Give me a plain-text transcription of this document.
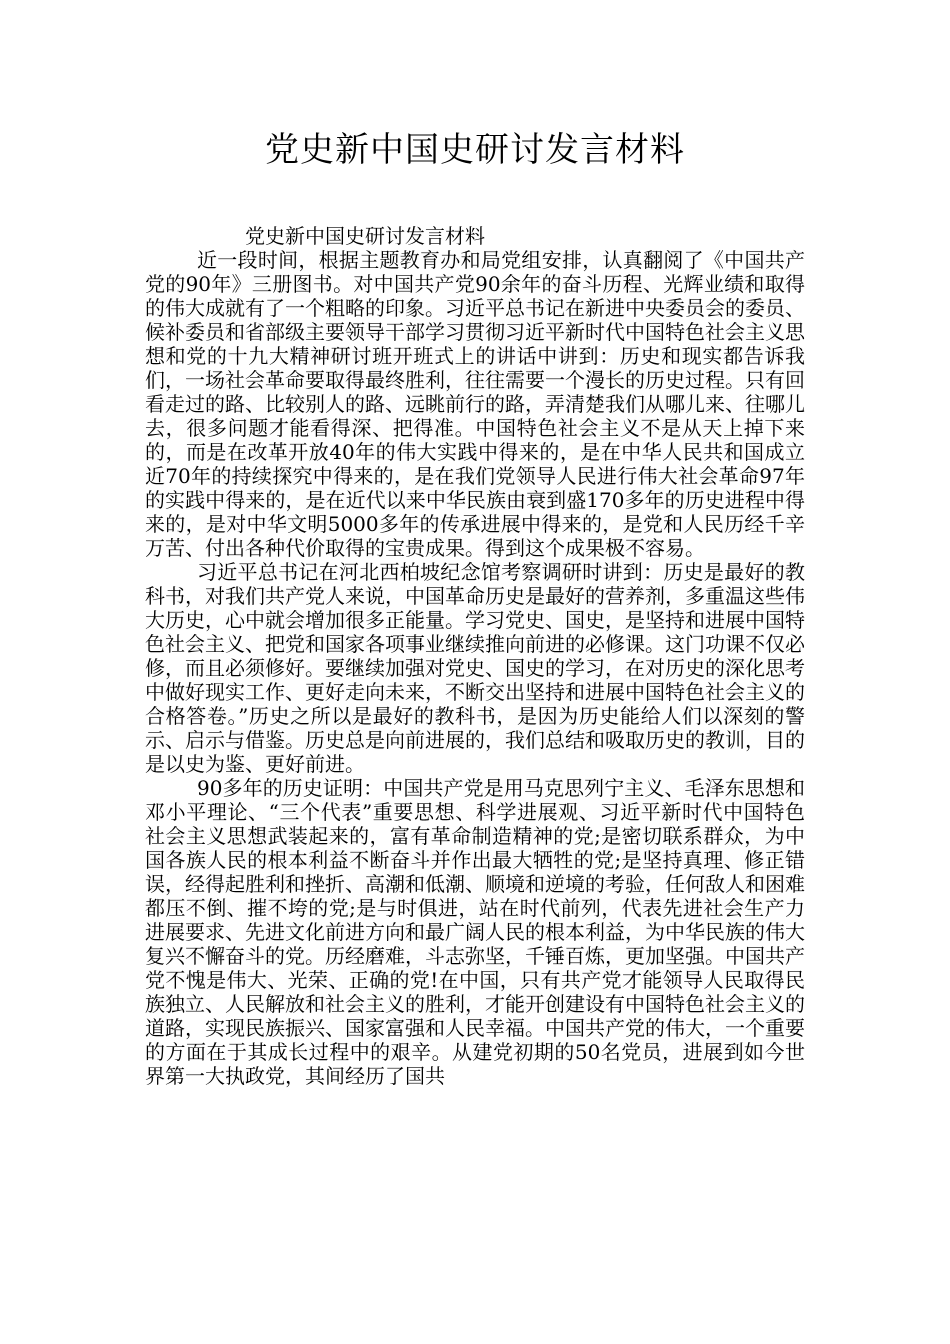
党史新中国史研讨发言材料

党史新中国史研讨发言材料

近一段时间，根据主题教育办和局党组安排，认真翻阅了《中国共产党的90年》三册图书。对中国共产党90余年的奋斗历程、光辉业绩和取得的伟大成就有了一个粗略的印象。习近平总书记在新进中央委员会的委员、候补委员和省部级主要领导干部学习贯彻习近平新时代中国特色社会主义思想和党的十九大精神研讨班开班式上的讲话中讲到：历史和现实都告诉我们，一场社会革命要取得最终胜利，往往需要一个漫长的历史过程。只有回看走过的路、比较别人的路、远眺前行的路，弄清楚我们从哪儿来、往哪儿去，很多问题才能看得深、把得准。中国特色社会主义不是从天上掉下来的，而是在改革开放40年的伟大实践中得来的，是在中华人民共和国成立近70年的持续探究中得来的，是在我们党领导人民进行伟大社会革命97年的实践中得来的，是在近代以来中华民族由衰到盛170多年的历史进程中得来的，是对中华文明5000多年的传承进展中得来的，是党和人民历经千辛万苦、付出各种代价取得的宝贵成果。得到这个成果极不容易。

习近平总书记在河北西柏坡纪念馆考察调研时讲到：历史是最好的教科书，对我们共产党人来说，中国革命历史是最好的营养剂，多重温这些伟大历史，心中就会增加很多正能量。学习党史、国史，是坚持和进展中国特色社会主义、把党和国家各项事业继续推向前进的必修课。这门功课不仅必修，而且必须修好。要继续加强对党史、国史的学习，在对历史的深化思考中做好现实工作、更好走向未来，不断交出坚持和进展中国特色社会主义的合格答卷。”历史之所以是最好的教科书，是因为历史能给人们以深刻的警示、启示与借鉴。历史总是向前进展的，我们总结和吸取历史的教训，目的是以史为鉴、更好前进。

90多年的历史证明：中国共产党是用马克思列宁主义、毛泽东思想和邓小平理论、“三个代表”重要思想、科学进展观、习近平新时代中国特色社会主义思想武装起来的，富有革命制造精神的党;是密切联系群众，为中国各族人民的根本利益不断奋斗并作出最大牺牲的党;是坚持真理、修正错误，经得起胜利和挫折、高潮和低潮、顺境和逆境的考验，任何敌人和困难都压不倒、摧不垮的党;是与时俱进，站在时代前列，代表先进社会生产力进展要求、先进文化前进方向和最广阔人民的根本利益，为中华民族的伟大复兴不懈奋斗的党。历经磨难，斗志弥坚，千锤百炼，更加坚强。中国共产党不愧是伟大、光荣、正确的党!在中国，只有共产党才能领导人民取得民族独立、人民解放和社会主义的胜利，才能开创建设有中国特色社会主义的道路，实现民族振兴、国家富强和人民幸福。中国共产党的伟大，一个重要的方面在于其成长过程中的艰辛。从建党初期的50名党员，进展到如今世界第一大执政党，其间经历了国共
